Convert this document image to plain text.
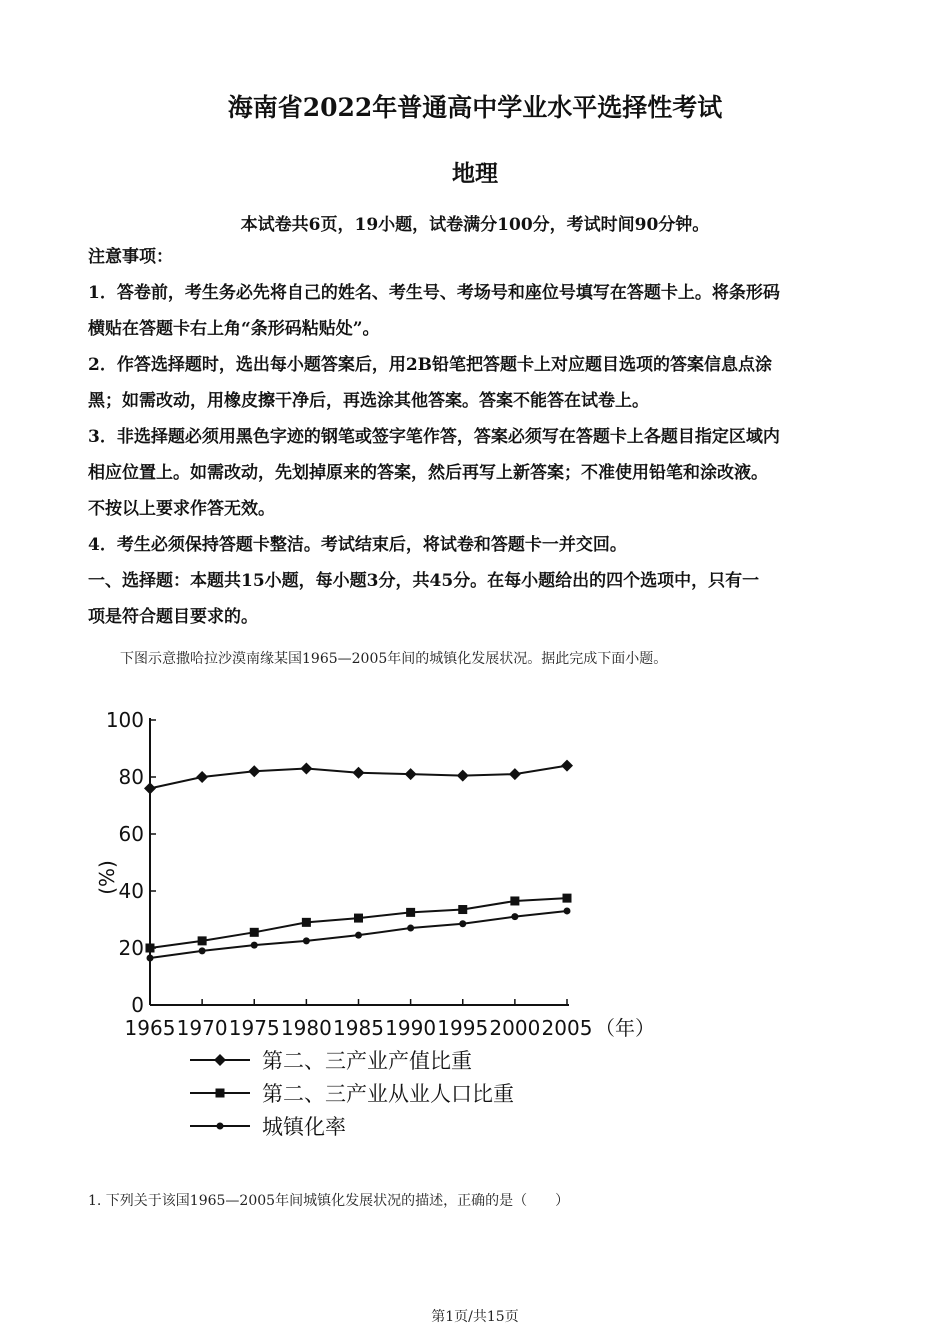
海南省2022年普通高中学业水平选择性考试
地理
本试卷共6页，19小题，试卷满分100分，考试时间90分钟。
注意事项：
1．答卷前，考生务必先将自己的姓名、考生号、考场号和座位号填写在答题卡上。将条形码
横贴在答题卡右上角“条形码粘贴处”。
2．作答选择题时，选出每小题答案后，用2B铅笔把答题卡上对应题目选项的答案信息点涂
黑；如需改动，用橡皮擦干净后，再选涂其他答案。答案不能答在试卷上。
3．非选择题必须用黑色字迹的钢笔或签字笔作答，答案必须写在答题卡上各题目指定区域内
相应位置上。如需改动，先划掉原来的答案，然后再写上新答案；不准使用铅笔和涂改液。
不按以上要求作答无效。
4．考生必须保持答题卡整洁。考试结束后，将试卷和答题卡一并交回。
一、选择题：本题共15小题，每小题3分，共45分。在每小题给出的四个选项中，只有一
项是符合题目要求的。
下图示意撒哈拉沙漠南缘某国1965—2005年间的城镇化发展状况。据此完成下面小题。
0
20
40
60
80
100
1965 1970 1975 1980 1985 1990 1995 2000 2005 （年）
(%)
第二、三产业产值比重
第二、三产业从业人口比重
城镇化率
1. 下列关于该国1965—2005年间城镇化发展状况的描述，正确的是（　　）
第1页/共15页
